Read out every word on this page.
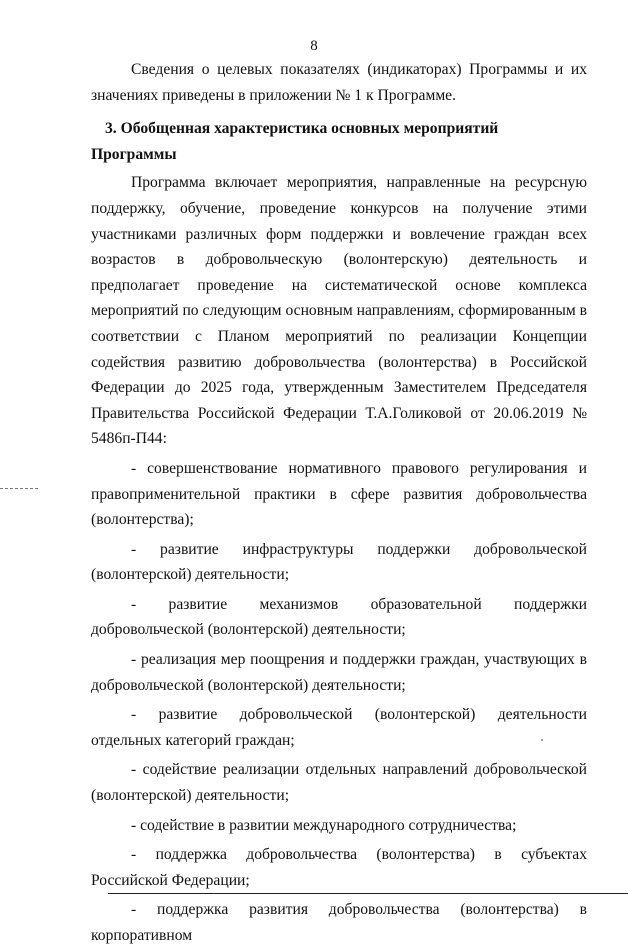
8

Сведения о целевых показателях (индикаторах) Программы и их значениях приведены в приложении № 1 к Программе.

3. Обобщенная характеристика основных мероприятий Программы

Программа включает мероприятия, направленные на ресурсную поддержку, обучение, проведение конкурсов на получение этими участниками различных форм поддержки и вовлечение граждан всех возрастов в добровольческую (волонтерскую) деятельность и предполагает проведение на систематической основе комплекса мероприятий по следующим основным направлениям, сформированным в соответствии с Планом мероприятий по реализации Концепции содействия развитию добровольчества (волонтерства) в Российской Федерации до 2025 года, утвержденным Заместителем Председателя Правительства Российской Федерации Т.А.Голиковой от 20.06.2019 № 5486п-П44:

- совершенствование нормативного правового регулирования и правоприменительной практики в сфере развития добровольчества (волонтерства);

- развитие инфраструктуры поддержки добровольческой (волонтерской) деятельности;

- развитие механизмов образовательной поддержки добровольческой (волонтерской) деятельности;

- реализация мер поощрения и поддержки граждан, участвующих в добровольческой (волонтерской) деятельности;

- развитие добровольческой (волонтерской) деятельности отдельных категорий граждан;

- содействие реализации отдельных направлений добровольческой (волонтерской) деятельности;

- содействие в развитии международного сотрудничества;

- поддержка добровольчества (волонтерства) в субъектах Российской Федерации;

- поддержка развития добровольчества (волонтерства) в корпоративном
